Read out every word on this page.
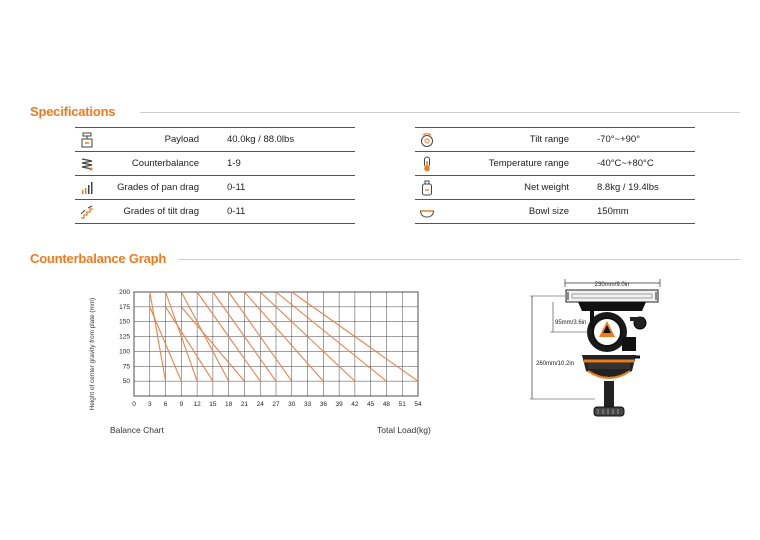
Specifications
Payload	40.0kg / 88.0lbs
Counterbalance	1-9
Grades of pan drag	0-11
Grades of tilt drag	0-11
Tilt range	-70°~+90°
Temperature range	-40°C~+80°C
Net weight	8.8kg / 19.4lbs
Bowl size	150mm
Counterbalance Graph
0 3 6 9 12 15 18 21 24 27 30 33 36 39 42 45 48 51 54
50
75
100
125
150
175
200
Height of center gravity from plate (mm)
Balance Chart	Total Load(kg)
230mm/9.0in
260mm/10.2in
95mm/3.6in
